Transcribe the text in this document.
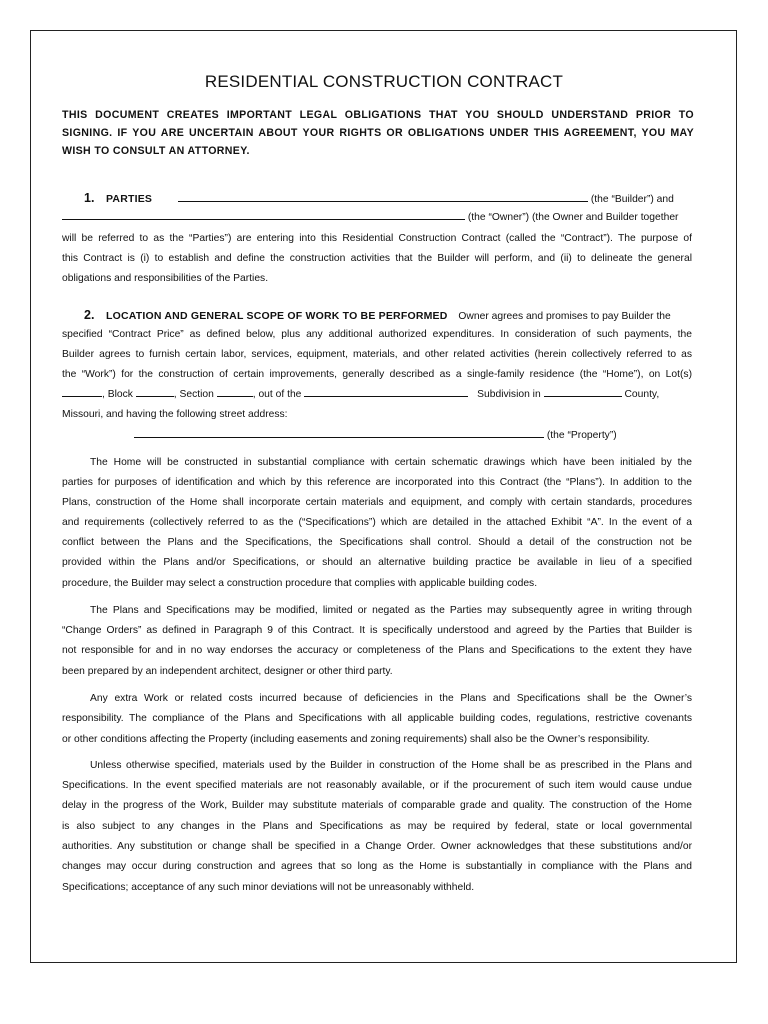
RESIDENTIAL CONSTRUCTION CONTRACT
THIS DOCUMENT CREATES IMPORTANT LEGAL OBLIGATIONS THAT YOU SHOULD UNDERSTAND PRIOR TO SIGNING. IF YOU ARE UNCERTAIN ABOUT YOUR RIGHTS OR OBLIGATIONS UNDER THIS AGREEMENT, YOU MAY WISH TO CONSULT AN ATTORNEY.
1. PARTIES	(the “Builder”) and
(the “Owner”) (the Owner and Builder together
will be referred to as the “Parties”) are entering into this Residential Construction Contract (called the “Contract”). The purpose of
this Contract is (i) to establish and define the construction activities that the Builder will perform, and (ii) to delineate the general
obligations and responsibilities of the Parties.
2. LOCATION AND GENERAL SCOPE OF WORK TO BE PERFORMED Owner agrees and promises to pay Builder the
specified “Contract Price” as defined below, plus any additional authorized expenditures. In consideration of such payments, the
Builder agrees to furnish certain labor, services, equipment, materials, and other related activities (herein collectively referred to as
the “Work”) for the construction of certain improvements, generally described as a single-family residence (the “Home”), on Lot(s)
, Block	, Section	, out of the	Subdivision in	County,
Missouri, and having the following street address:
(the “Property”)
The Home will be constructed in substantial compliance with certain schematic drawings which have been initialed by the
parties for purposes of identification and which by this reference are incorporated into this Contract (the “Plans”). In addition to the
Plans, construction of the Home shall incorporate certain materials and equipment, and comply with certain standards, procedures
and requirements (collectively referred to as the (“Specifications”) which are detailed in the attached Exhibit “A”. In the event of a
conflict between the Plans and the Specifications, the Specifications shall control. Should a detail of the construction not be
provided within the Plans and/or Specifications, or should an alternative building practice be available in lieu of a specified
procedure, the Builder may select a construction procedure that complies with applicable building codes.
The Plans and Specifications may be modified, limited or negated as the Parties may subsequently agree in writing through
“Change Orders” as defined in Paragraph 9 of this Contract. It is specifically understood and agreed by the Parties that Builder is
not responsible for and in no way endorses the accuracy or completeness of the Plans and Specifications to the extent they have
been prepared by an independent architect, designer or other third party.
Any extra Work or related costs incurred because of deficiencies in the Plans and Specifications shall be the Owner’s
responsibility. The compliance of the Plans and Specifications with all applicable building codes, regulations, restrictive covenants
or other conditions affecting the Property (including easements and zoning requirements) shall also be the Owner’s responsibility.
Unless otherwise specified, materials used by the Builder in construction of the Home shall be as prescribed in the Plans and
Specifications. In the event specified materials are not reasonably available, or if the procurement of such item would cause undue
delay in the progress of the Work, Builder may substitute materials of comparable grade and quality. The construction of the Home
is also subject to any changes in the Plans and Specifications as may be required by federal, state or local governmental
authorities. Any substitution or change shall be specified in a Change Order. Owner acknowledges that these substitutions and/or
changes may occur during construction and agrees that so long as the Home is substantially in compliance with the Plans and
Specifications; acceptance of any such minor deviations will not be unreasonably withheld.
